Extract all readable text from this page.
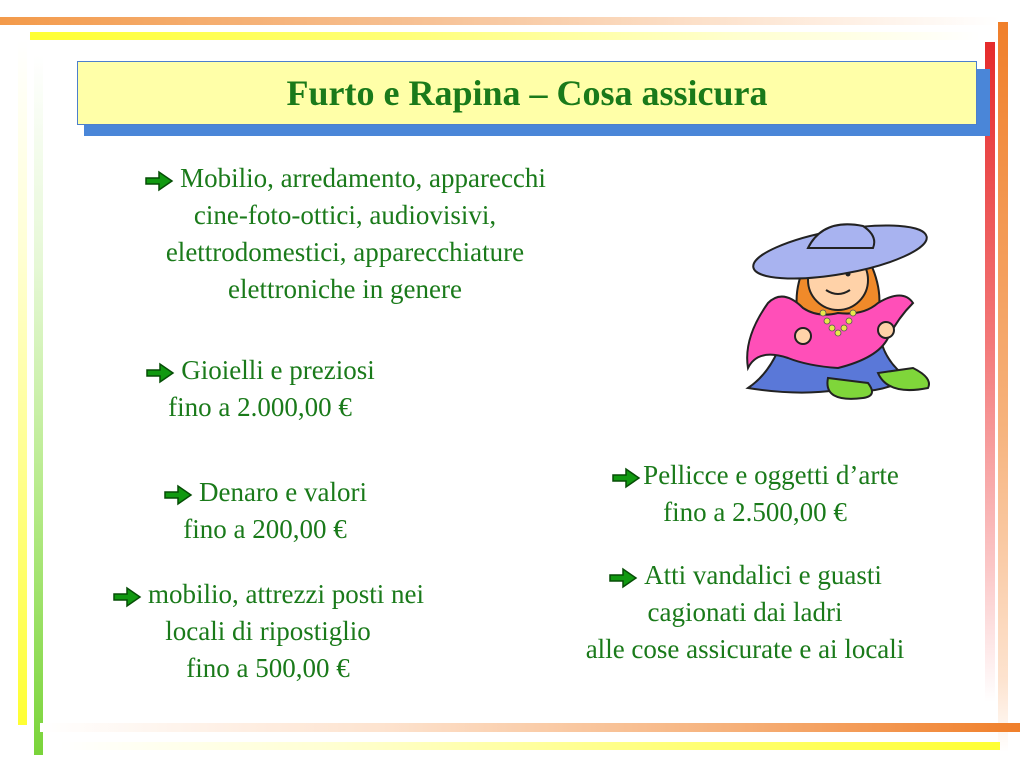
Furto e Rapina – Cosa assicura
Mobilio, arredamento, apparecchi
cine-foto-ottici, audiovisivi,
elettrodomestici, apparecchiature
elettroniche in genere
Gioielli e preziosi
fino a 2.000,00 €
Denaro e valori
fino a 200,00 €
mobilio, attrezzi posti nei
locali di ripostiglio
fino a 500,00 €
Pellicce e oggetti d’arte
fino a 2.500,00 €
Atti vandalici e guasti
cagionati dai ladri
alle cose assicurate e ai locali
